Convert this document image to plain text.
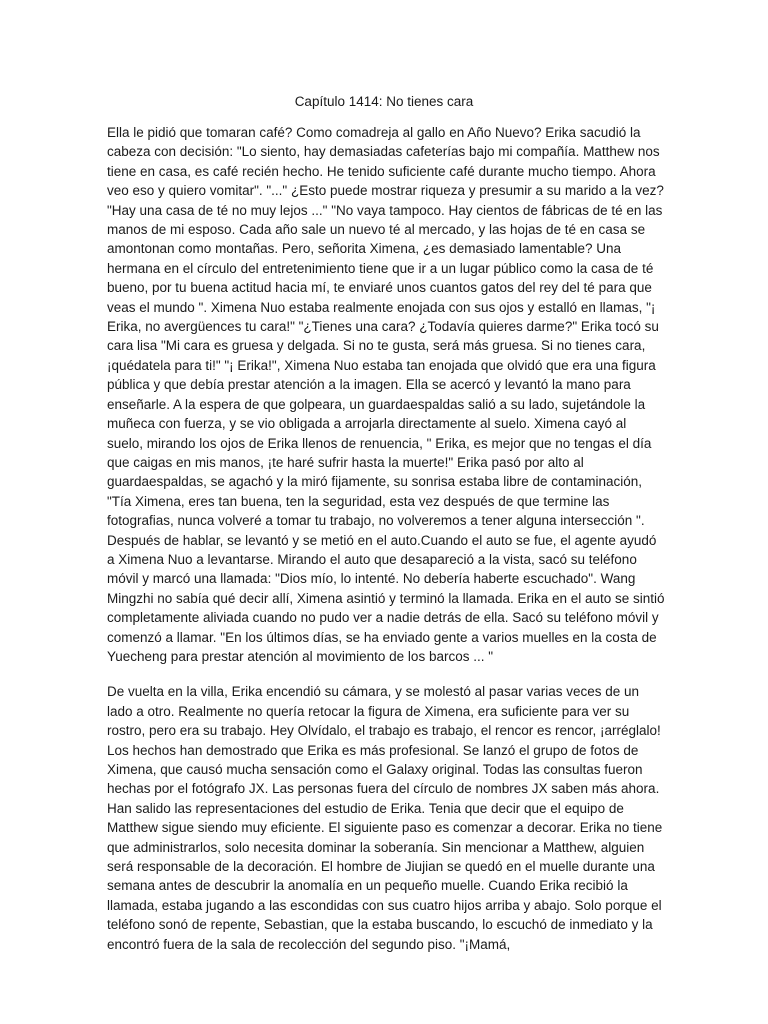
Capítulo 1414: No tienes cara

Ella le pidió que tomaran café? Como comadreja al gallo en Año Nuevo? Erika sacudió la cabeza con decisión: "Lo siento, hay demasiadas cafeterías bajo mi compañía. Matthew nos tiene en casa, es café recién hecho. He tenido suficiente café durante mucho tiempo. Ahora veo eso y quiero vomitar". "..." ¿Esto puede mostrar riqueza y presumir a su marido a la vez? "Hay una casa de té no muy lejos ..." "No vaya tampoco. Hay cientos de fábricas de té en las manos de mi esposo. Cada año sale un nuevo té al mercado, y las hojas de té en casa se amontonan como montañas. Pero, señorita Ximena, ¿es demasiado lamentable? Una hermana en el círculo del entretenimiento tiene que ir a un lugar público como la casa de té bueno, por tu buena actitud hacia mí, te enviaré unos cuantos gatos del rey del té para que veas el mundo ". Ximena Nuo estaba realmente enojada con sus ojos y estalló en llamas, "¡ Erika, no avergüences tu cara!" "¿Tienes una cara? ¿Todavía quieres darme?" Erika tocó su cara lisa "Mi cara es gruesa y delgada. Si no te gusta, será más gruesa. Si no tienes cara, ¡quédatela para ti!" "¡ Erika!", Ximena Nuo estaba tan enojada que olvidó que era una figura pública y que debía prestar atención a la imagen. Ella se acercó y levantó la mano para enseñarle. A la espera de que golpeara, un guardaespaldas salió a su lado, sujetándole la muñeca con fuerza, y se vio obligada a arrojarla directamente al suelo. Ximena cayó al suelo, mirando los ojos de Erika llenos de renuencia, " Erika, es mejor que no tengas el día que caigas en mis manos, ¡te haré sufrir hasta la muerte!" Erika pasó por alto al guardaespaldas, se agachó y la miró fijamente, su sonrisa estaba libre de contaminación, "Tía Ximena, eres tan buena, ten la seguridad, esta vez después de que termine las fotografias, nunca volveré a tomar tu trabajo, no volveremos a tener alguna intersección ". Después de hablar, se levantó y se metió en el auto.Cuando el auto se fue, el agente ayudó a Ximena Nuo a levantarse. Mirando el auto que desapareció a la vista, sacó su teléfono móvil y marcó una llamada: "Dios mío, lo intenté. No debería haberte escuchado". Wang Mingzhi no sabía qué decir allí, Ximena asintió y terminó la llamada. Erika en el auto se sintió completamente aliviada cuando no pudo ver a nadie detrás de ella. Sacó su teléfono móvil y comenzó a llamar. "En los últimos días, se ha enviado gente a varios muelles en la costa de Yuecheng para prestar atención al movimiento de los barcos ... "

De vuelta en la villa, Erika encendió su cámara, y se molestó al pasar varias veces de un lado a otro. Realmente no quería retocar la figura de Ximena, era suficiente para ver su rostro, pero era su trabajo. Hey Olvídalo, el trabajo es trabajo, el rencor es rencor, ¡arréglalo! Los hechos han demostrado que Erika es más profesional. Se lanzó el grupo de fotos de Ximena, que causó mucha sensación como el Galaxy original. Todas las consultas fueron hechas por el fotógrafo JX. Las personas fuera del círculo de nombres JX saben más ahora. Han salido las representaciones del estudio de Erika. Tenia que decir que el equipo de Matthew sigue siendo muy eficiente. El siguiente paso es comenzar a decorar. Erika no tiene que administrarlos, solo necesita dominar la soberanía. Sin mencionar a Matthew, alguien será responsable de la decoración. El hombre de Jiujian se quedó en el muelle durante una semana antes de descubrir la anomalía en un pequeño muelle. Cuando Erika recibió la llamada, estaba jugando a las escondidas con sus cuatro hijos arriba y abajo. Solo porque el teléfono sonó de repente, Sebastian, que la estaba buscando, lo escuchó de inmediato y la encontró fuera de la sala de recolección del segundo piso. "¡Mamá,
